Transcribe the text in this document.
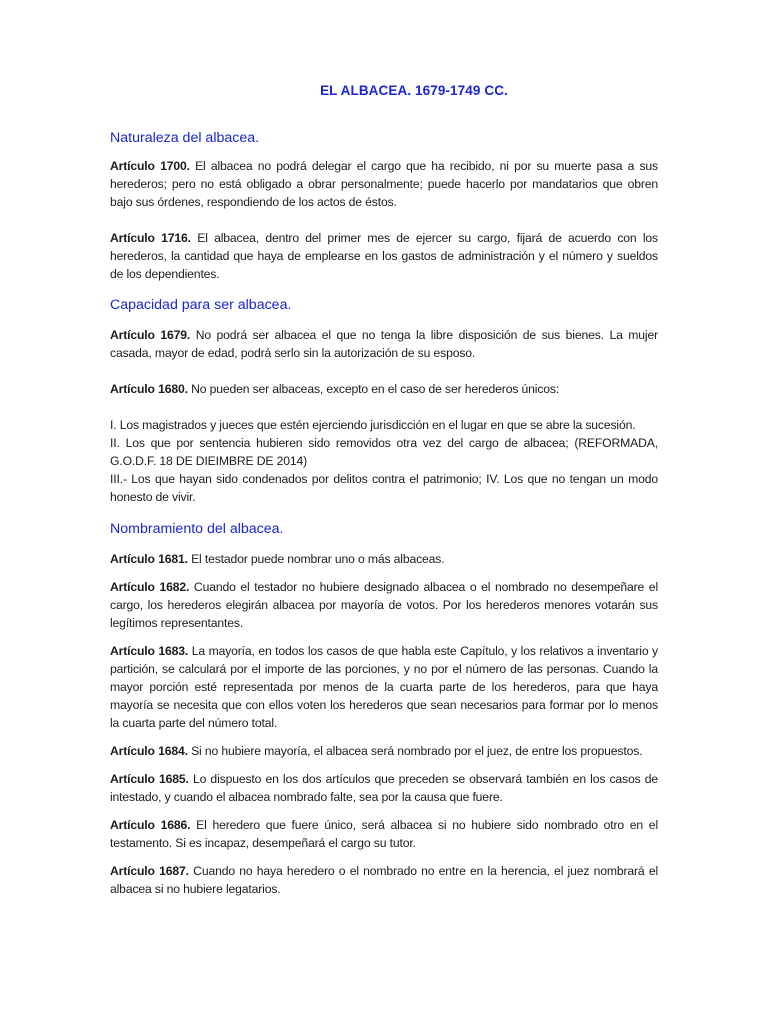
EL ALBACEA. 1679-1749 CC.
Naturaleza del albacea.

Artículo 1700. El albacea no podrá delegar el cargo que ha recibido, ni por su muerte pasa a sus herederos; pero no está obligado a obrar personalmente; puede hacerlo por mandatarios que obren bajo sus órdenes, respondiendo de los actos de éstos.

Artículo 1716. El albacea, dentro del primer mes de ejercer su cargo, fijará de acuerdo con los herederos, la cantidad que haya de emplearse en los gastos de administración y el número y sueldos de los dependientes.

Capacidad para ser albacea.

Artículo 1679. No podrá ser albacea el que no tenga la libre disposición de sus bienes. La mujer casada, mayor de edad, podrá serlo sin la autorización de su esposo.

Artículo 1680. No pueden ser albaceas, excepto en el caso de ser herederos únicos:

I. Los magistrados y jueces que estén ejerciendo jurisdicción en el lugar en que se abre la sucesión.

II. Los que por sentencia hubieren sido removidos otra vez del cargo de albacea; (REFORMADA, G.O.D.F. 18 DE DIEIMBRE DE 2014)

III.- Los que hayan sido condenados por delitos contra el patrimonio; IV. Los que no tengan un modo honesto de vivir.

Nombramiento del albacea.

Artículo 1681. El testador puede nombrar uno o más albaceas.

Artículo 1682. Cuando el testador no hubiere designado albacea o el nombrado no desempeñare el cargo, los herederos elegirán albacea por mayoría de votos. Por los herederos menores votarán sus legítimos representantes.

Artículo 1683. La mayoría, en todos los casos de que habla este Capítulo, y los relativos a inventario y partición, se calculará por el importe de las porciones, y no por el número de las personas. Cuando la mayor porción esté representada por menos de la cuarta parte de los herederos, para que haya mayoría se necesita que con ellos voten los herederos que sean necesarios para formar por lo menos la cuarta parte del número total.

Artículo 1684. Si no hubiere mayoría, el albacea será nombrado por el juez, de entre los propuestos.

Artículo 1685. Lo dispuesto en los dos artículos que preceden se observará también en los casos de intestado, y cuando el albacea nombrado falte, sea por la causa que fuere.

Artículo 1686. El heredero que fuere único, será albacea si no hubiere sido nombrado otro en el testamento. Si es incapaz, desempeñará el cargo su tutor.

Artículo 1687. Cuando no haya heredero o el nombrado no entre en la herencia, el juez nombrará el albacea si no hubiere legatarios.
